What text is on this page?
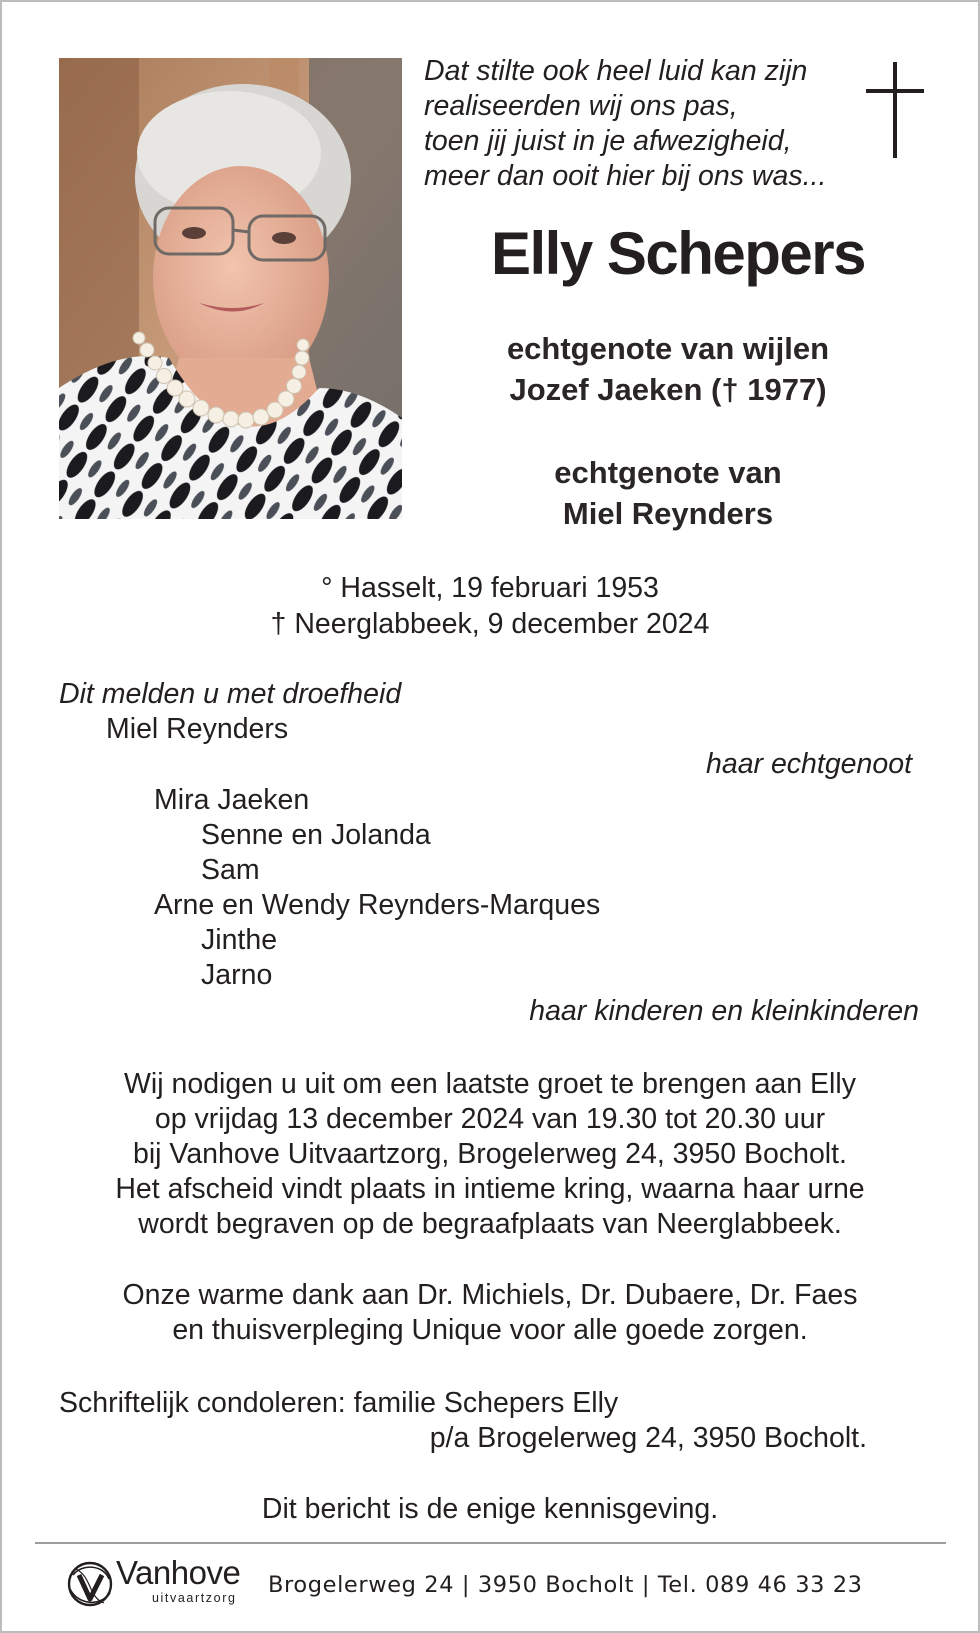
Dat stilte ook heel luid kan zijn
realiseerden wij ons pas,
toen jij juist in je afwezigheid,
meer dan ooit hier bij ons was...
Elly Schepers
echtgenote van wijlen
Jozef Jaeken († 1977)
echtgenote van
Miel Reynders
° Hasselt, 19 februari 1953
† Neerglabbeek, 9 december 2024
Dit melden u met droefheid
Miel Reynders
haar echtgenoot
Mira Jaeken
Senne en Jolanda
Sam
Arne en Wendy Reynders-Marques
Jinthe
Jarno
haar kinderen en kleinkinderen
Wij nodigen u uit om een laatste groet te brengen aan Elly
op vrijdag 13 december 2024 van 19.30 tot 20.30 uur
bij Vanhove Uitvaartzorg, Brogelerweg 24, 3950 Bocholt.
Het afscheid vindt plaats in intieme kring, waarna haar urne
wordt begraven op de begraafplaats van Neerglabbeek.
Onze warme dank aan Dr. Michiels, Dr. Dubaere, Dr. Faes
en thuisverpleging Unique voor alle goede zorgen.
Schriftelijk condoleren: familie Schepers Elly
p/a Brogelerweg 24, 3950 Bocholt.
Dit bericht is de enige kennisgeving.
Vanhove
uitvaartzorg Brogelerweg 24 | 3950 Bocholt | Tel. 089 46 33 23
